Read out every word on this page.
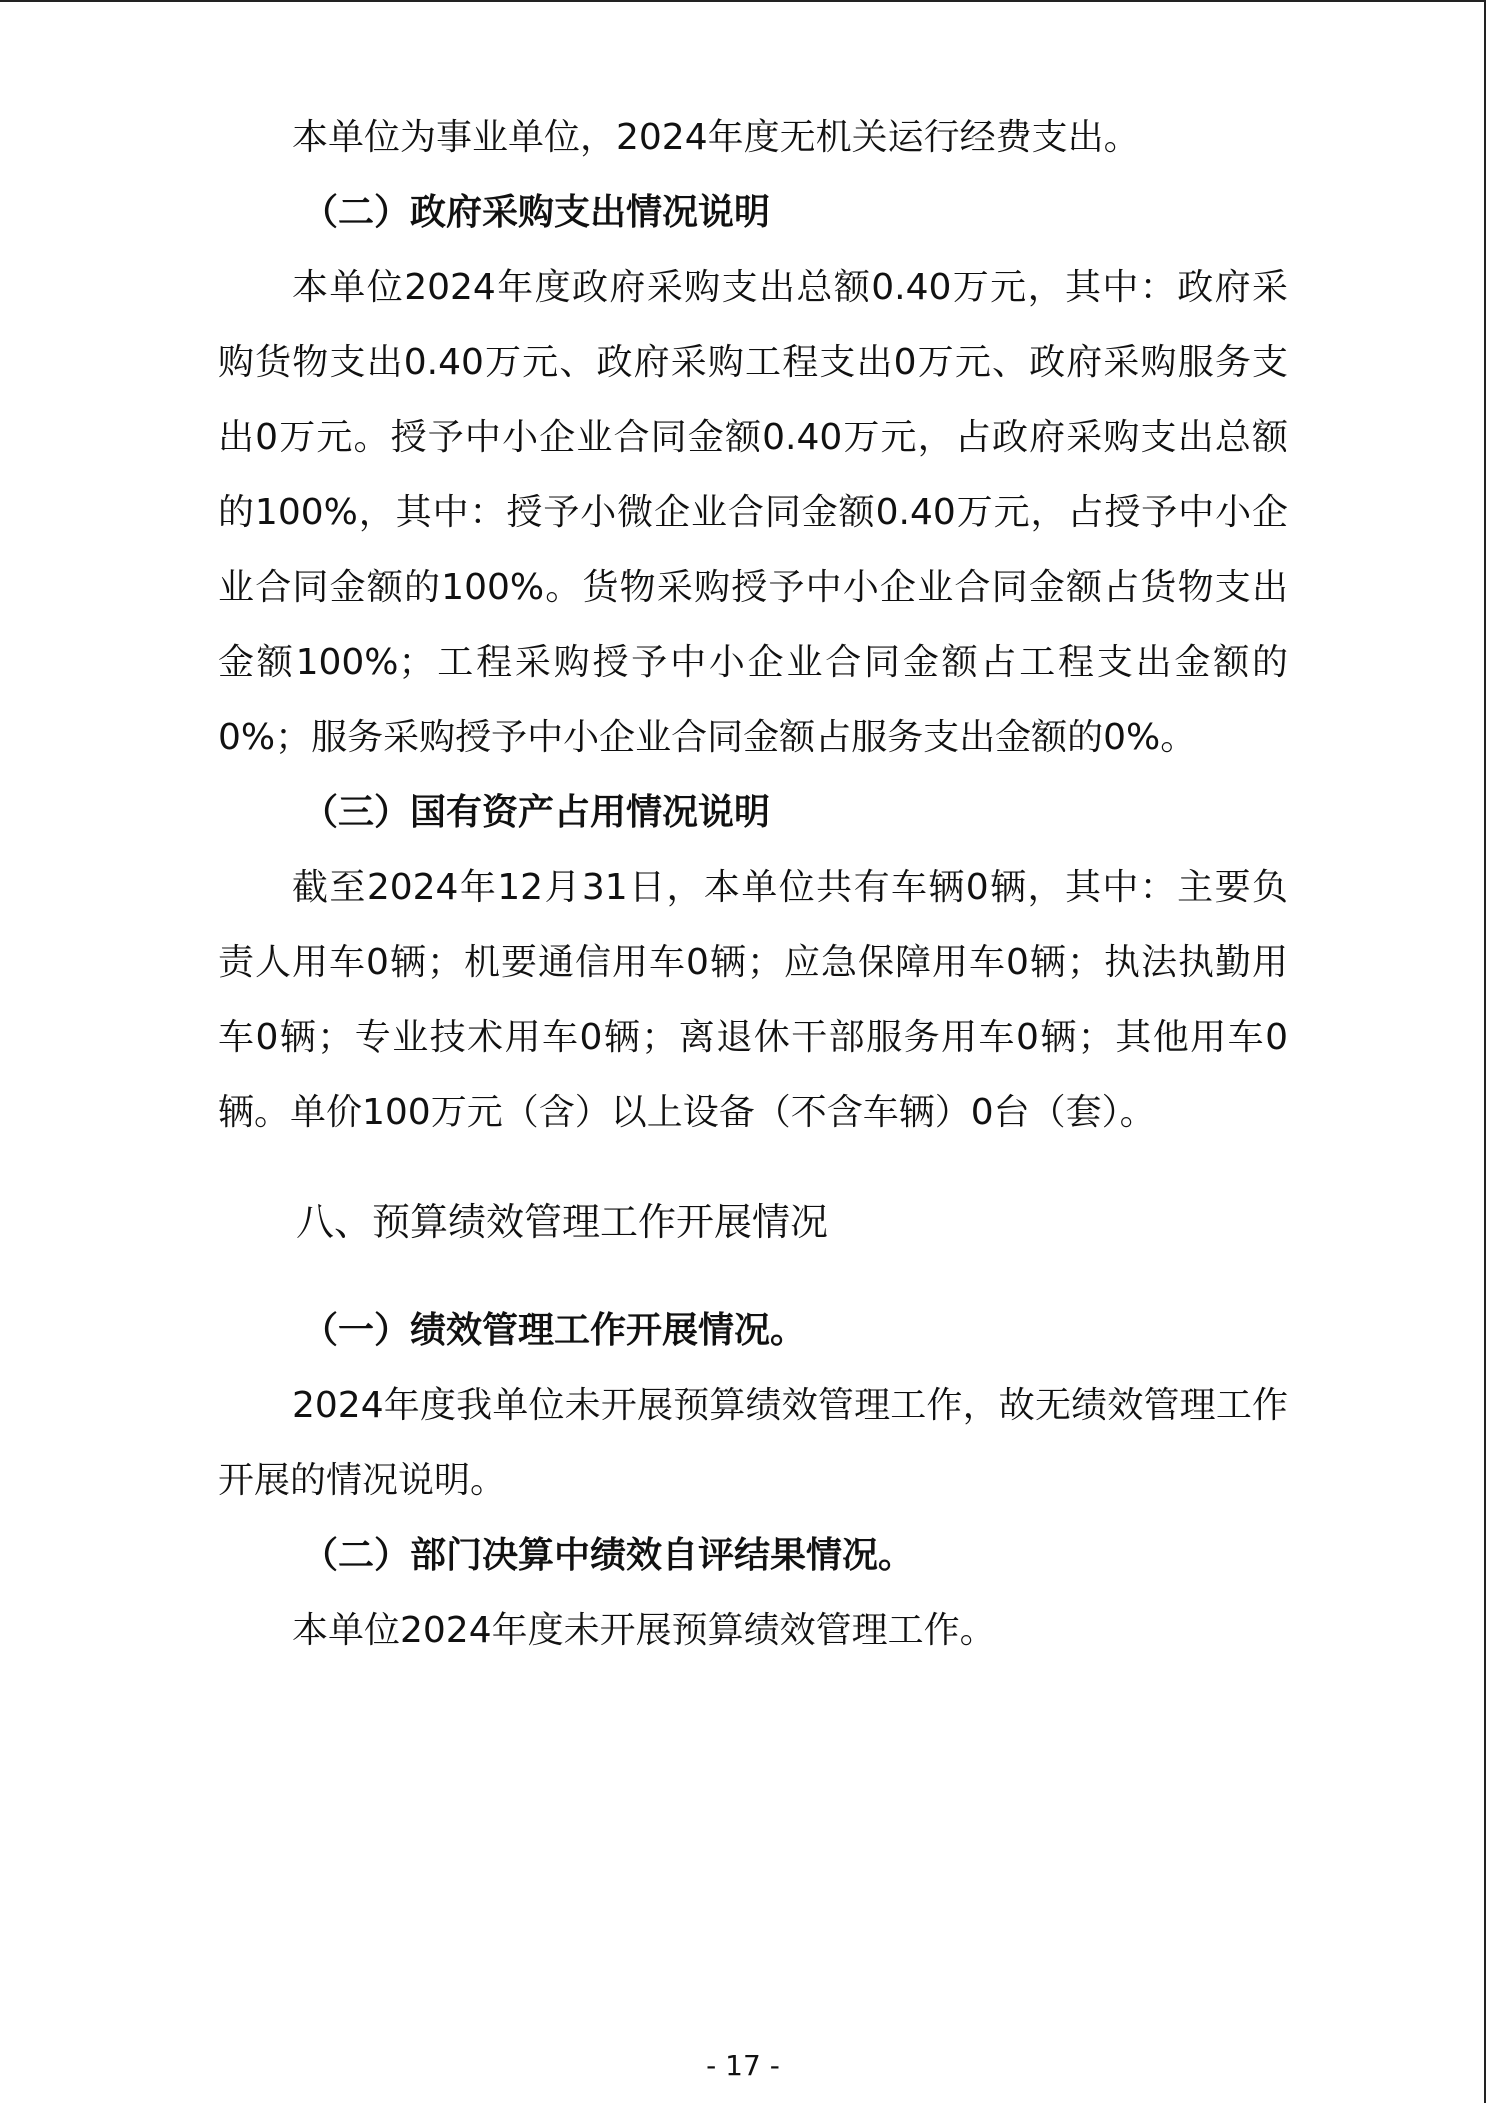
本单位为事业单位，2024年度无机关运行经费支出。

（二）政府采购支出情况说明

本单位2024年度政府采购支出总额0.40万元，其中：政府采购货物支出0.40万元、政府采购工程支出0万元、政府采购服务支出0万元。授予中小企业合同金额0.40万元，占政府采购支出总额的100%，其中：授予小微企业合同金额0.40万元，占授予中小企业合同金额的100%。货物采购授予中小企业合同金额占货物支出金额100%；工程采购授予中小企业合同金额占工程支出金额的0%；服务采购授予中小企业合同金额占服务支出金额的0%。

（三）国有资产占用情况说明

截至2024年12月31日，本单位共有车辆0辆，其中：主要负责人用车0辆；机要通信用车0辆；应急保障用车0辆；执法执勤用车0辆；专业技术用车0辆；离退休干部服务用车0辆；其他用车0辆。单价100万元（含）以上设备（不含车辆）0台（套）。

八、预算绩效管理工作开展情况

（一）绩效管理工作开展情况。

2024年度我单位未开展预算绩效管理工作，故无绩效管理工作开展的情况说明。

（二）部门决算中绩效自评结果情况。

本单位2024年度未开展预算绩效管理工作。

- 17 -
